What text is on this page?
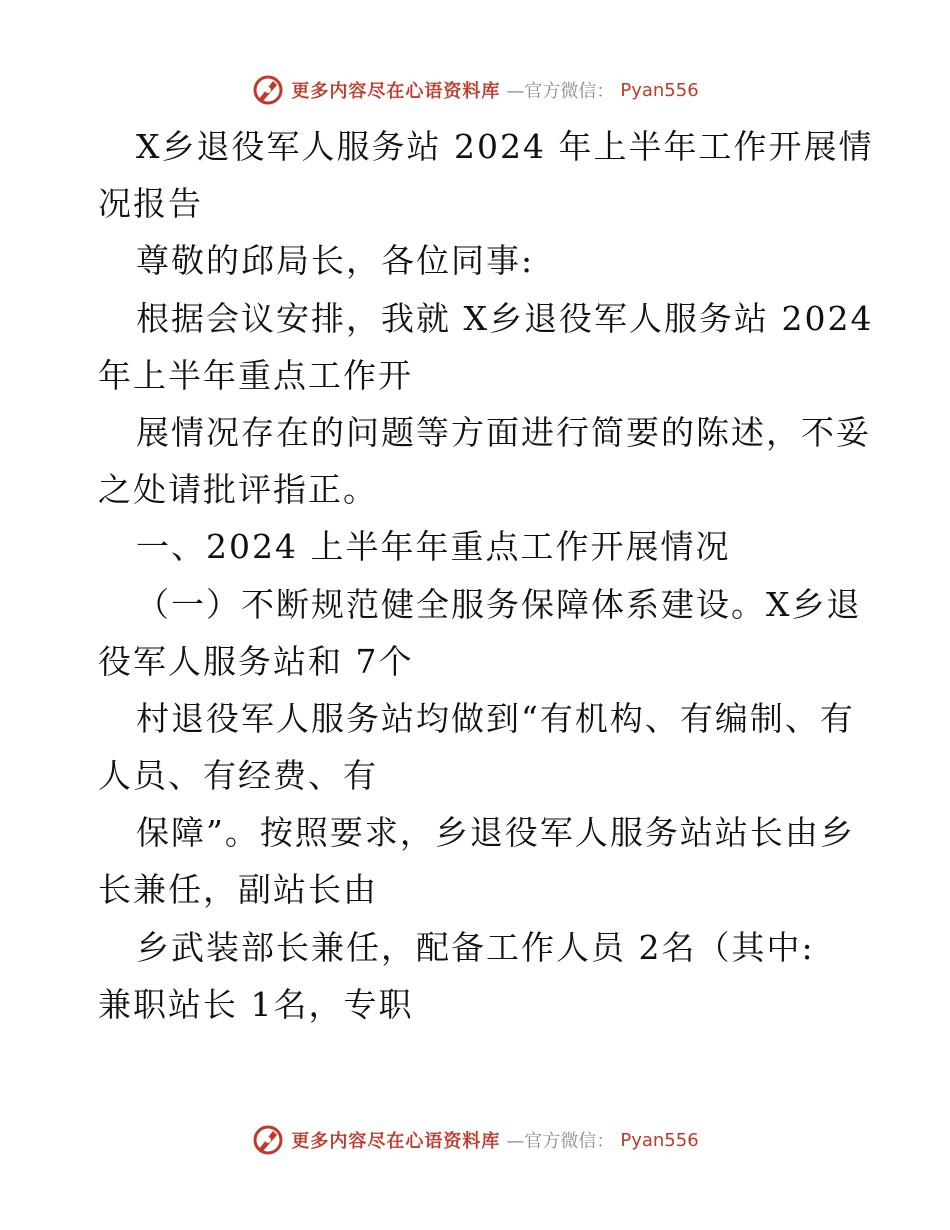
更多内容尽在心语资料库 —官方微信： Pyan556
X乡退役军人服务站 2024 年上半年工作开展情
况报告
尊敬的邱局长，各位同事:
根据会议安排，我就 X乡退役军人服务站 2024
年上半年重点工作开
展情况存在的问题等方面进行简要的陈述，不妥
之处请批评指正。
一、2024 上半年年重点工作开展情况
（一）不断规范健全服务保障体系建设。X乡退
役军人服务站和 7个
村退役军人服务站均做到“有机构、有编制、有
人员、有经费、有
保障”。按照要求，乡退役军人服务站站长由乡
长兼任，副站长由
乡武装部长兼任，配备工作人员 2名（其中:
兼职站长 1名，专职
更多内容尽在心语资料库 —官方微信： Pyan556
